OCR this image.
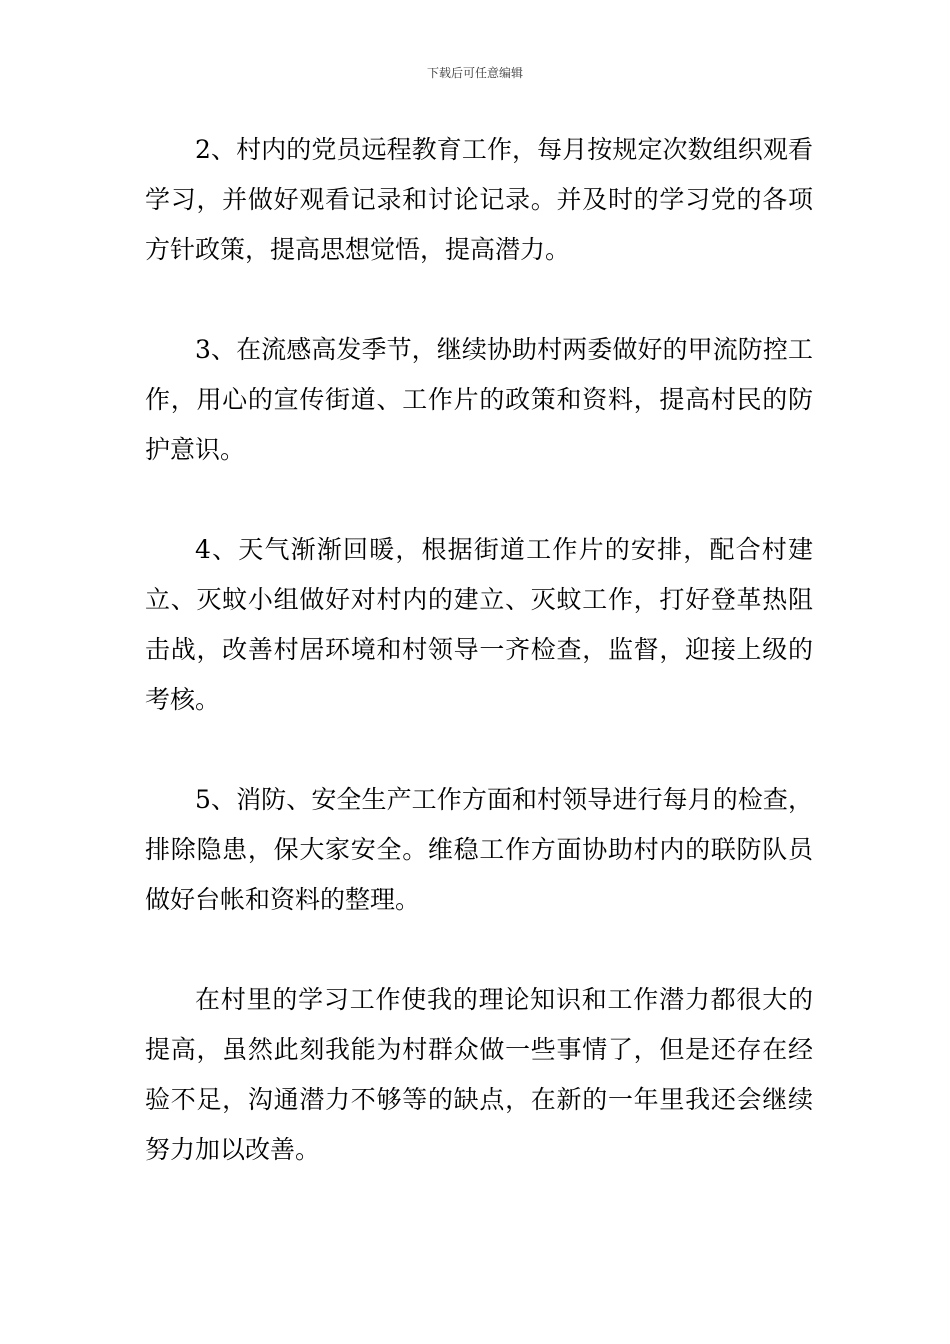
下载后可任意编辑

2、村内的党员远程教育工作，每月按规定次数组织观看学习，并做好观看记录和讨论记录。并及时的学习党的各项方针政策，提高思想觉悟，提高潜力。

3、在流感高发季节，继续协助村两委做好的甲流防控工作，用心的宣传街道、工作片的政策和资料，提高村民的防护意识。

4、天气渐渐回暖，根据街道工作片的安排，配合村建立、灭蚊小组做好对村内的建立、灭蚊工作，打好登革热阻击战，改善村居环境和村领导一齐检查，监督，迎接上级的考核。

5、消防、安全生产工作方面和村领导进行每月的检查，排除隐患，保大家安全。维稳工作方面协助村内的联防队员做好台帐和资料的整理。

在村里的学习工作使我的理论知识和工作潜力都很大的提高，虽然此刻我能为村群众做一些事情了，但是还存在经验不足，沟通潜力不够等的缺点，在新的一年里我还会继续努力加以改善。
